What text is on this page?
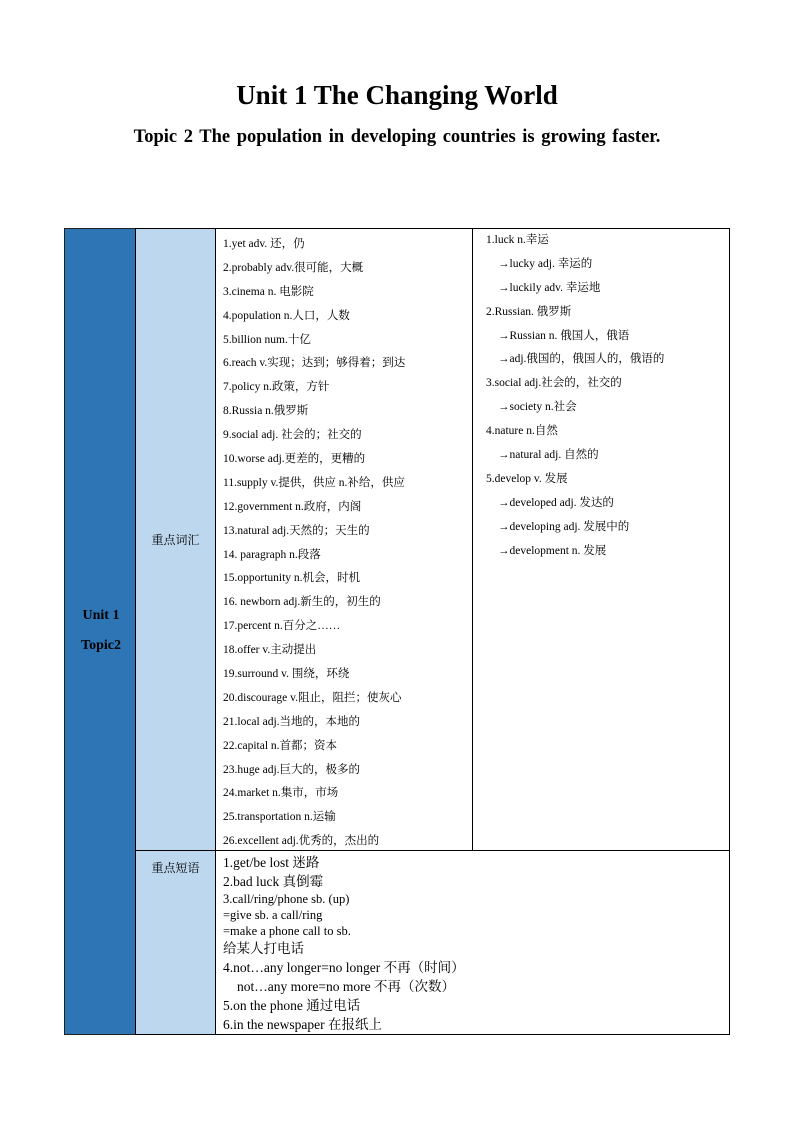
Unit 1 The Changing World
Topic 2 The population in developing countries is growing faster.
Unit 1
Topic2
重点词汇
1.yet adv. 还，仍
2.probably adv.很可能，大概
3.cinema n. 电影院
4.population n.人口，人数
5.billion num.十亿
6.reach v.实现；达到；够得着；到达
7.policy n.政策，方针
8.Russia n.俄罗斯
9.social adj. 社会的；社交的
10.worse adj.更差的，更糟的
11.supply v.提供，供应 n.补给，供应
12.government n.政府，内阁
13.natural adj.天然的；天生的
14. paragraph n.段落
15.opportunity n.机会，时机
16. newborn adj.新生的，初生的
17.percent n.百分之……
18.offer v.主动提出
19.surround v. 围绕，环绕
20.discourage v.阻止，阻拦；使灰心
21.local adj.当地的，本地的
22.capital n.首都；资本
23.huge adj.巨大的，极多的
24.market n.集市，市场
25.transportation n.运输
26.excellent adj.优秀的，杰出的
1.luck n.幸运
→lucky adj. 幸运的
→luckily adv. 幸运地
2.Russian. 俄罗斯
→Russian n. 俄国人，俄语
→adj.俄国的，俄国人的，俄语的
3.social adj.社会的，社交的
→society n.社会
4.nature n.自然
→natural adj. 自然的
5.develop v. 发展
→developed adj. 发达的
→developing adj. 发展中的
→development n. 发展
重点短语	1.get/be lost 迷路
2.bad luck 真倒霉
3.call/ring/phone sb. (up)
=give sb. a call/ring
=make a phone call to sb.
给某人打电话
4.not…any longer=no longer 不再（时间）
not…any more=no more 不再（次数）
5.on the phone 通过电话
6.in the newspaper 在报纸上
